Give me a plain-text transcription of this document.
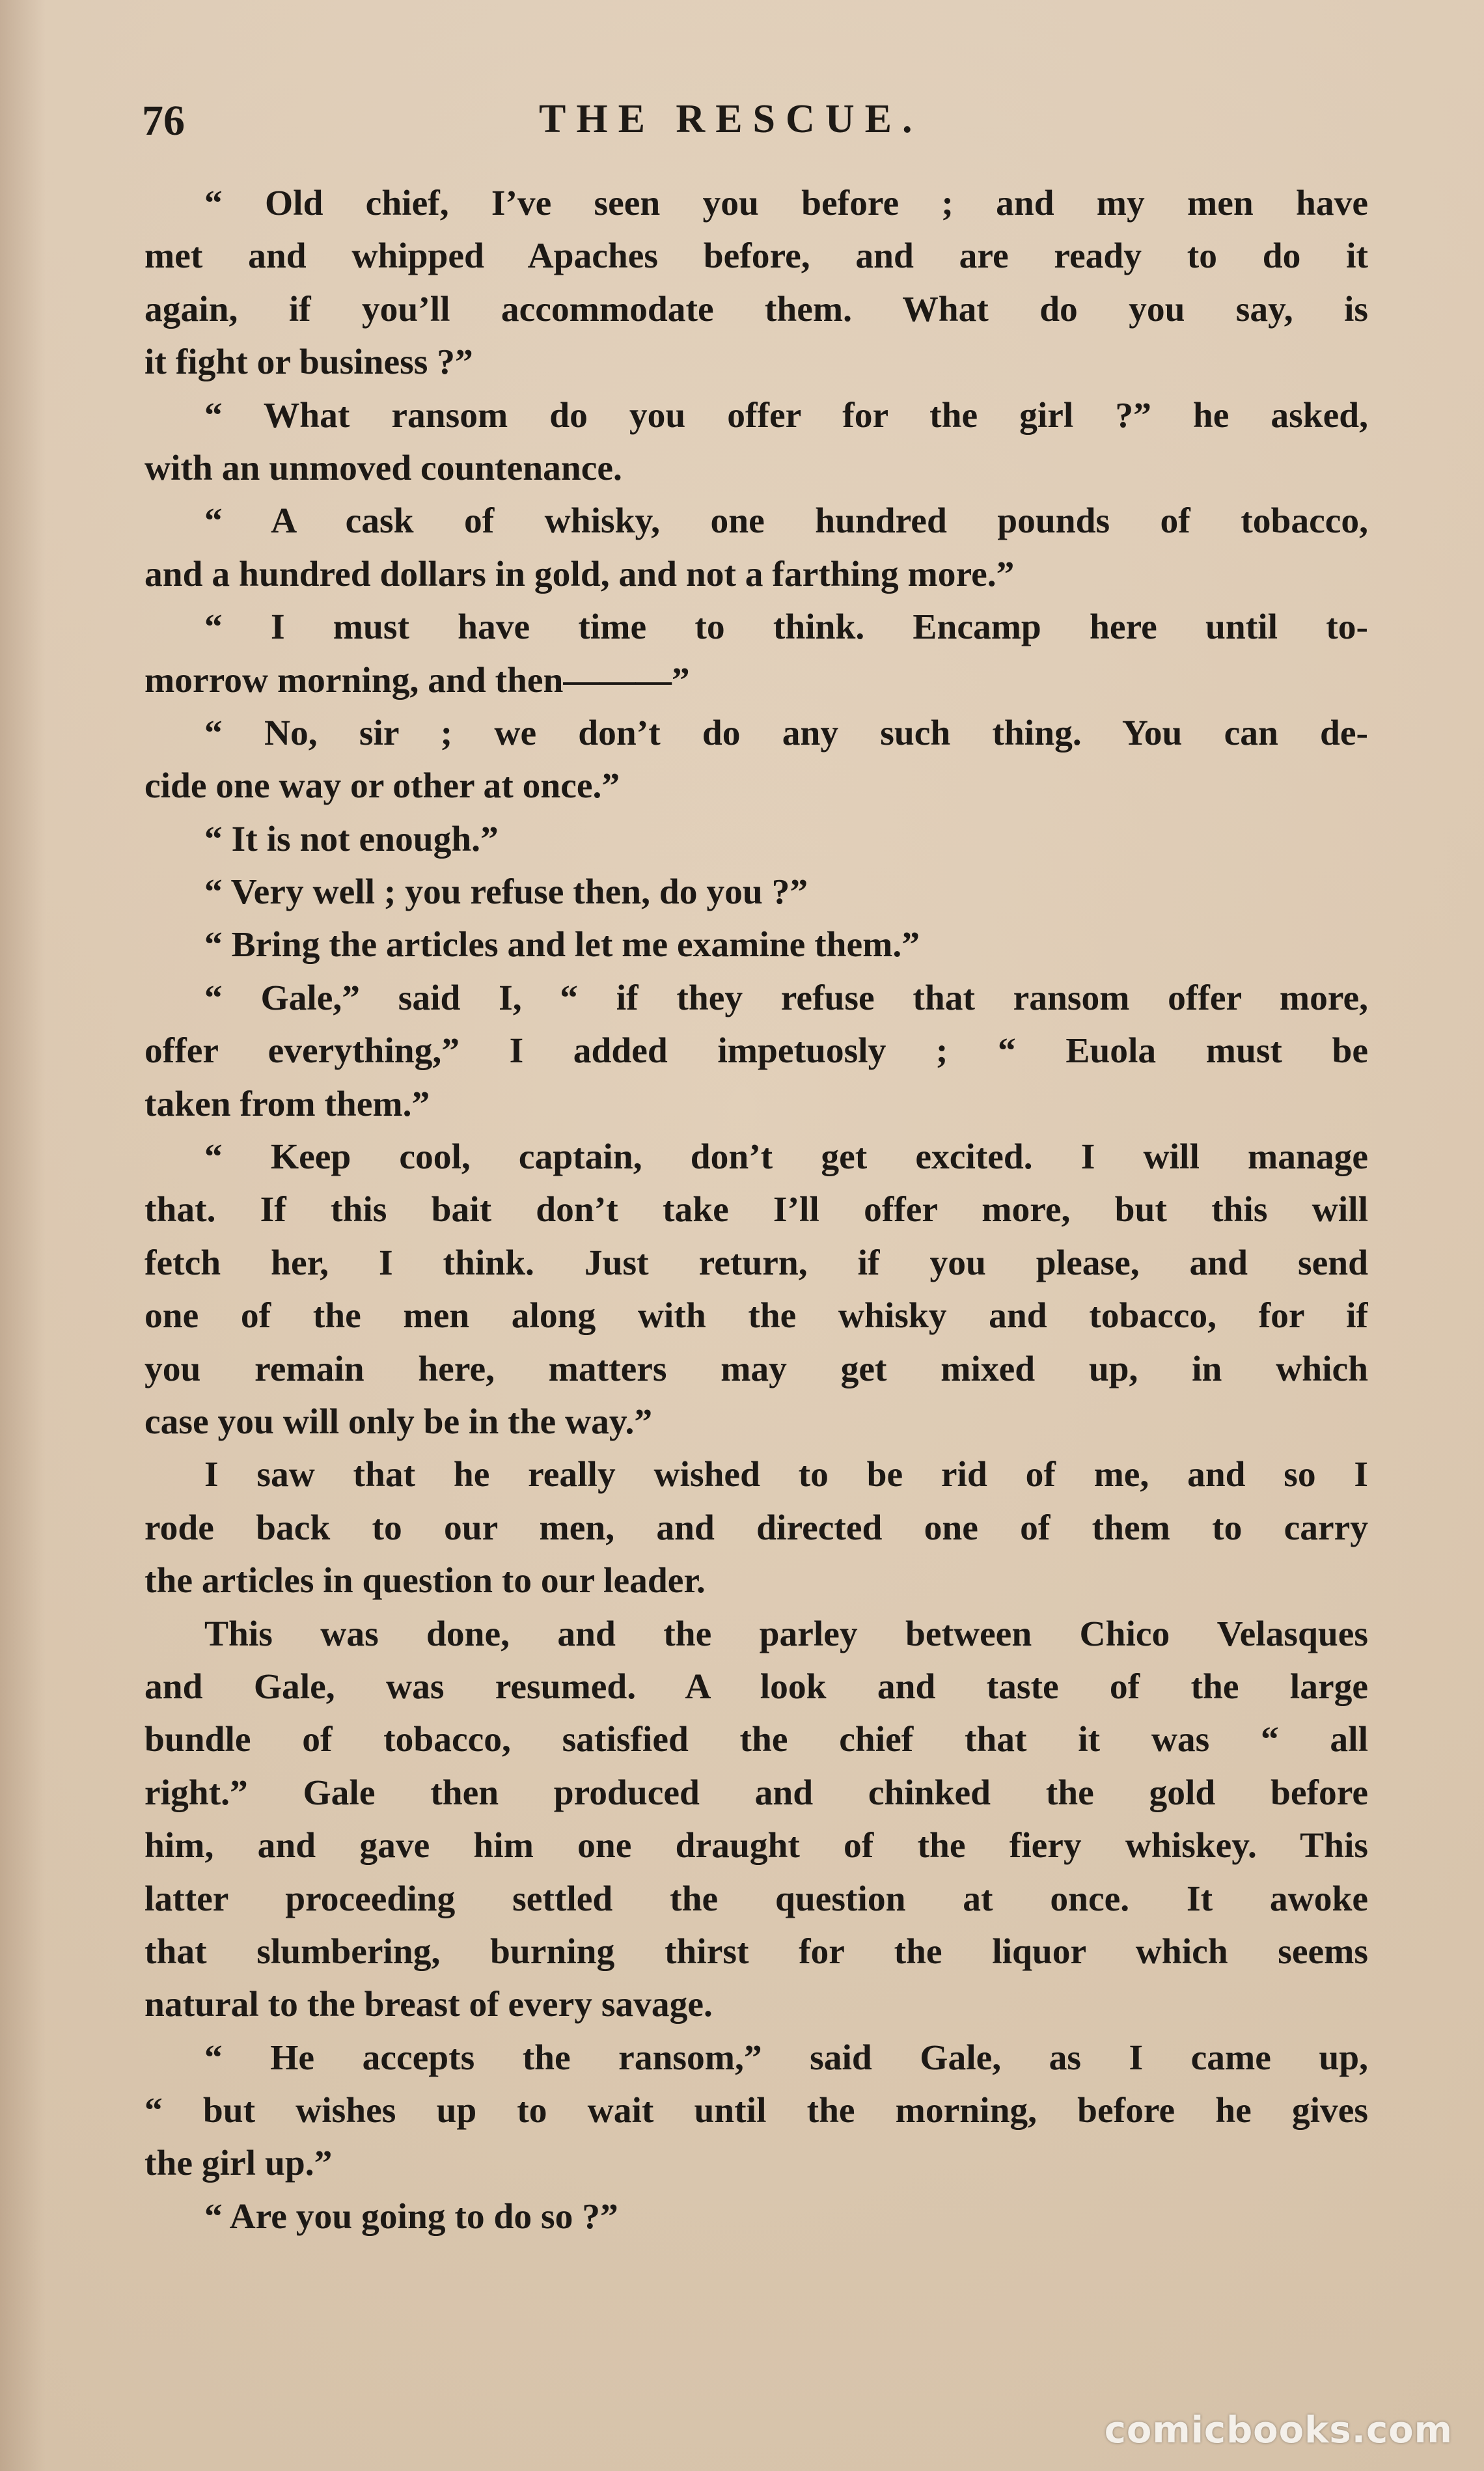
76	THE RESCUE.
“ Old chief, I’ve seen you before ; and my men have
met and whipped Apaches before, and are ready to do it
again, if you’ll accommodate them. What do you say, is
it fight or business ?”
“ What ransom do you offer for the girl ?” he asked,
with an unmoved countenance.
“ A cask of whisky, one hundred pounds of tobacco,
and a hundred dollars in gold, and not a farthing more.”
“ I must have time to think. Encamp here until to-
morrow morning, and then———”
“ No, sir ; we don’t do any such thing. You can de-
cide one way or other at once.”
“ It is not enough.”
“ Very well ; you refuse then, do you ?”
“ Bring the articles and let me examine them.”
“ Gale,” said I, “ if they refuse that ransom offer more,
offer everything,” I added impetuosly ; “ Euola must be
taken from them.”
“ Keep cool, captain, don’t get excited. I will manage
that. If this bait don’t take I’ll offer more, but this will
fetch her, I think. Just return, if you please, and send
one of the men along with the whisky and tobacco, for if
you remain here, matters may get mixed up, in which
case you will only be in the way.”
I saw that he really wished to be rid of me, and so I
rode back to our men, and directed one of them to carry
the articles in question to our leader.
This was done, and the parley between Chico Velasques
and Gale, was resumed. A look and taste of the large
bundle of tobacco, satisfied the chief that it was “ all
right.” Gale then produced and chinked the gold before
him, and gave him one draught of the fiery whiskey. This
latter proceeding settled the question at once. It awoke
that slumbering, burning thirst for the liquor which seems
natural to the breast of every savage.
“ He accepts the ransom,” said Gale, as I came up,
“ but wishes up to wait until the morning, before he gives
the girl up.”
“ Are you going to do so ?”
comicbooks.com
